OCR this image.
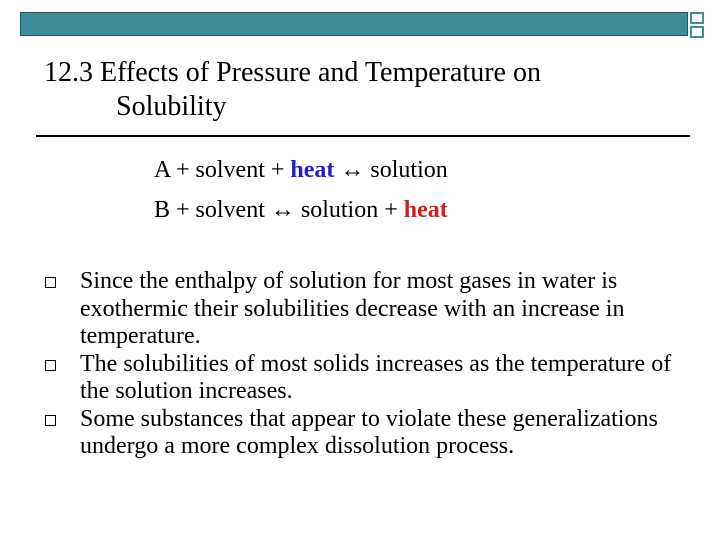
12.3 Effects of Pressure and Temperature on
Solubility
A + solvent + heat ↔ solution
B + solvent ↔ solution + heat
Since the enthalpy of solution for most gases in water is exothermic their solubilities decrease with an increase in temperature.
The solubilities of most solids increases as the temperature of the solution increases.
Some substances that appear to violate these generalizations undergo a more complex dissolution process.
